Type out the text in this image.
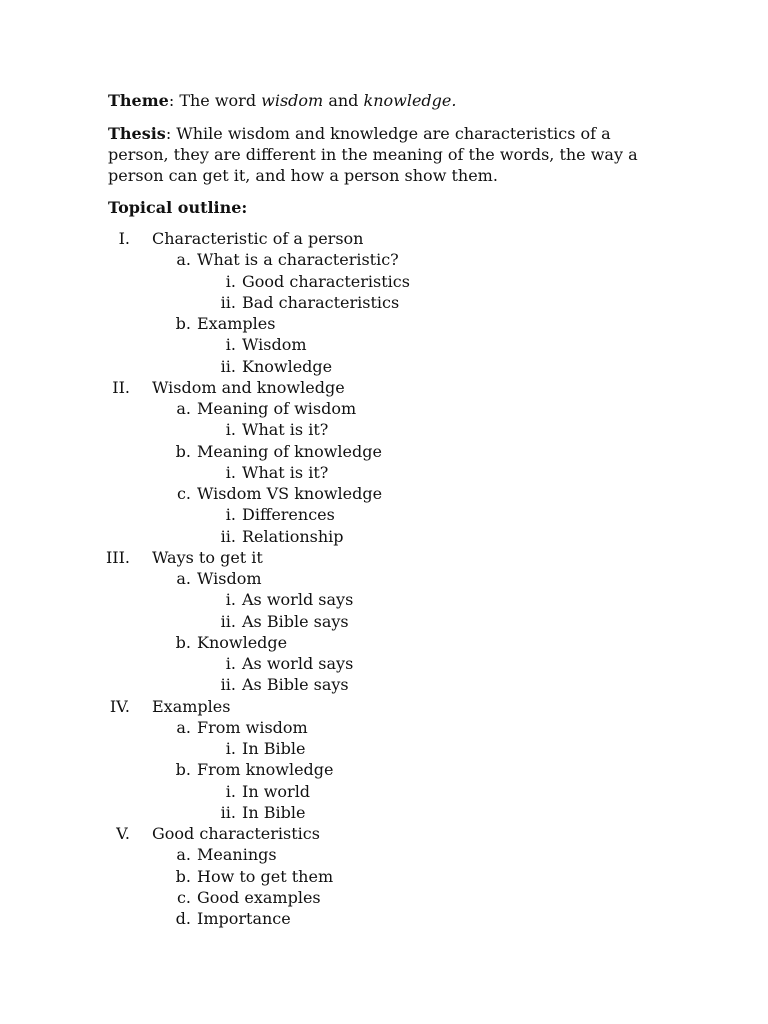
Theme: The word wisdom and knowledge.

Thesis: While wisdom and knowledge are characteristics of a person, they are different in the meaning of the words, the way a person can get it, and how a person show them.

Topical outline:

I. Characteristic of a person
a. What is a characteristic?
i. Good characteristics
ii. Bad characteristics
b. Examples
i. Wisdom
ii. Knowledge
II. Wisdom and knowledge
a. Meaning of wisdom
i. What is it?
b. Meaning of knowledge
i. What is it?
c. Wisdom VS knowledge
i. Differences
ii. Relationship
III. Ways to get it
a. Wisdom
i. As world says
ii. As Bible says
b. Knowledge
i. As world says
ii. As Bible says
IV. Examples
a. From wisdom
i. In Bible
b. From knowledge
i. In world
ii. In Bible
V. Good characteristics
a. Meanings
b. How to get them
c. Good examples
d. Importance
